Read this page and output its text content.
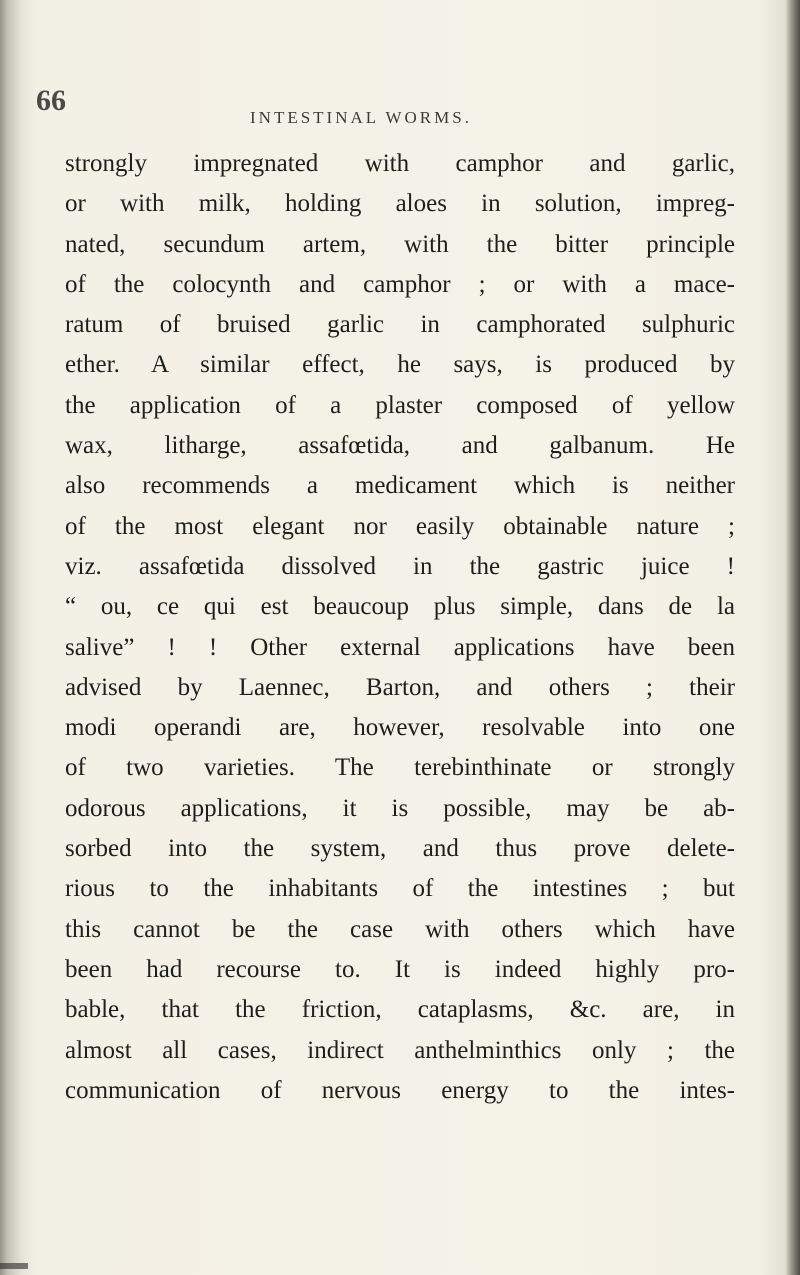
66
INTESTINAL WORMS.
strongly impregnated with camphor and garlic,
or with milk, holding aloes in solution, impreg-
nated, secundum artem, with the bitter principle
of the colocynth and camphor ; or with a mace-
ratum of bruised garlic in camphorated sulphuric
ether. A similar effect, he says, is produced by
the application of a plaster composed of yellow
wax, litharge, assafœtida, and galbanum. He
also recommends a medicament which is neither
of the most elegant nor easily obtainable nature ;
viz. assafœtida dissolved in the gastric juice !
“ ou, ce qui est beaucoup plus simple, dans de la
salive” ! ! Other external applications have been
advised by Laennec, Barton, and others ; their
modi operandi are, however, resolvable into one
of two varieties. The terebinthinate or strongly
odorous applications, it is possible, may be ab-
sorbed into the system, and thus prove delete-
rious to the inhabitants of the intestines ; but
this cannot be the case with others which have
been had recourse to. It is indeed highly pro-
bable, that the friction, cataplasms, &c. are, in
almost all cases, indirect anthelminthics only ; the
communication of nervous energy to the intes-
